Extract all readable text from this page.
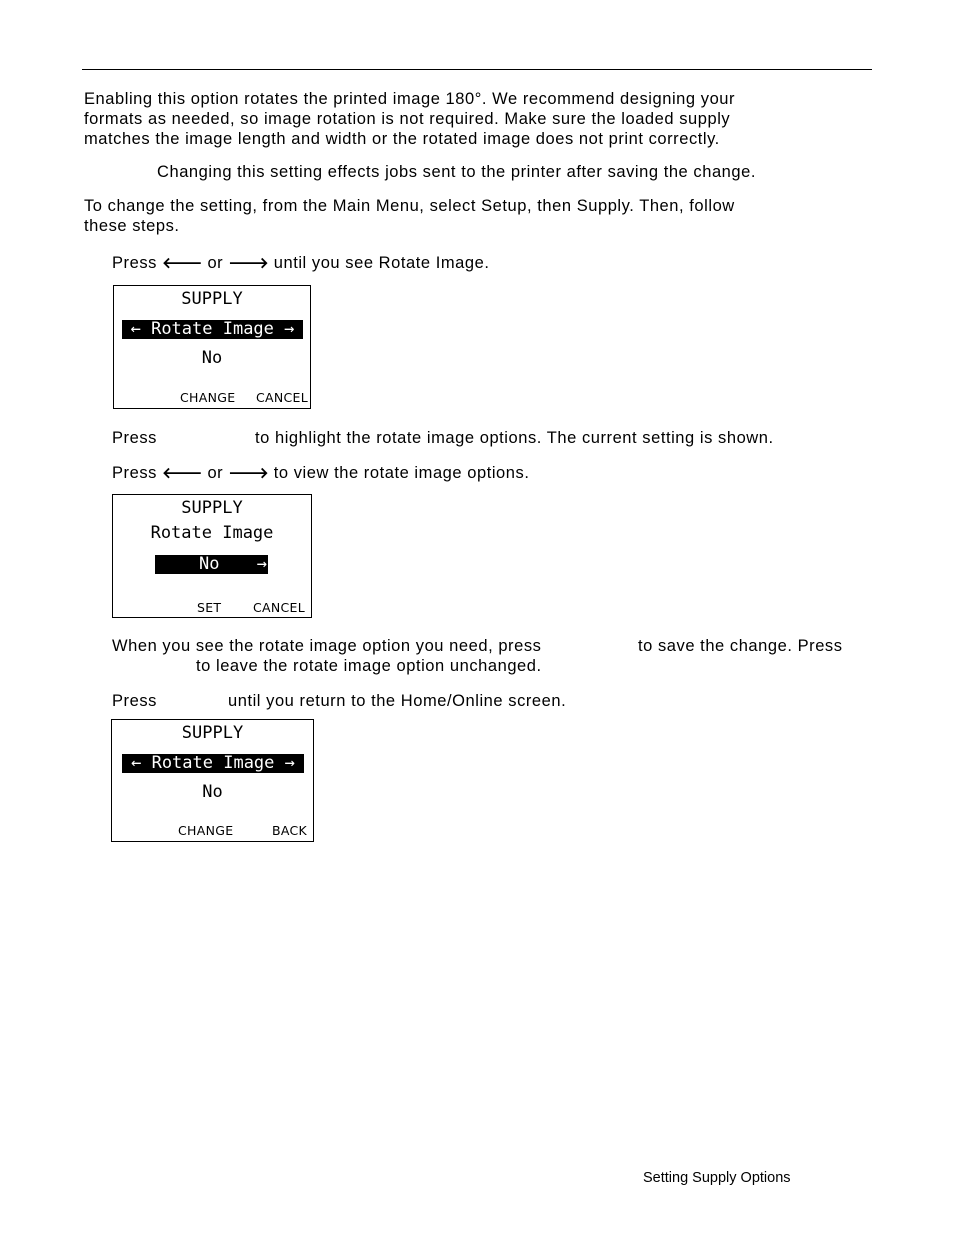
Enabling this option rotates the printed image 180°. We recommend designing your

formats as needed, so image rotation is not required. Make sure the loaded supply

matches the image length and width or the rotated image does not print correctly.

Changing this setting effects jobs sent to the printer after saving the change.

To change the setting, from the Main Menu, select Setup, then Supply. Then, follow

these steps.

Press 🡐 or 🡒 until you see Rotate Image.

SUPPLY
← Rotate Image →
No
CHANGE CANCEL

Press	to highlight the rotate image options. The current setting is shown.

Press 🡐 or 🡒 to view the rotate image options.

SUPPLY
Rotate Image
No →
SET	CANCEL

When you see the rotate image option you need, press	to save the change. Press

to leave the rotate image option unchanged.

Press	until you return to the Home/Online screen.

SUPPLY
← Rotate Image →
No
CHANGE	BACK
Setting Supply Options
